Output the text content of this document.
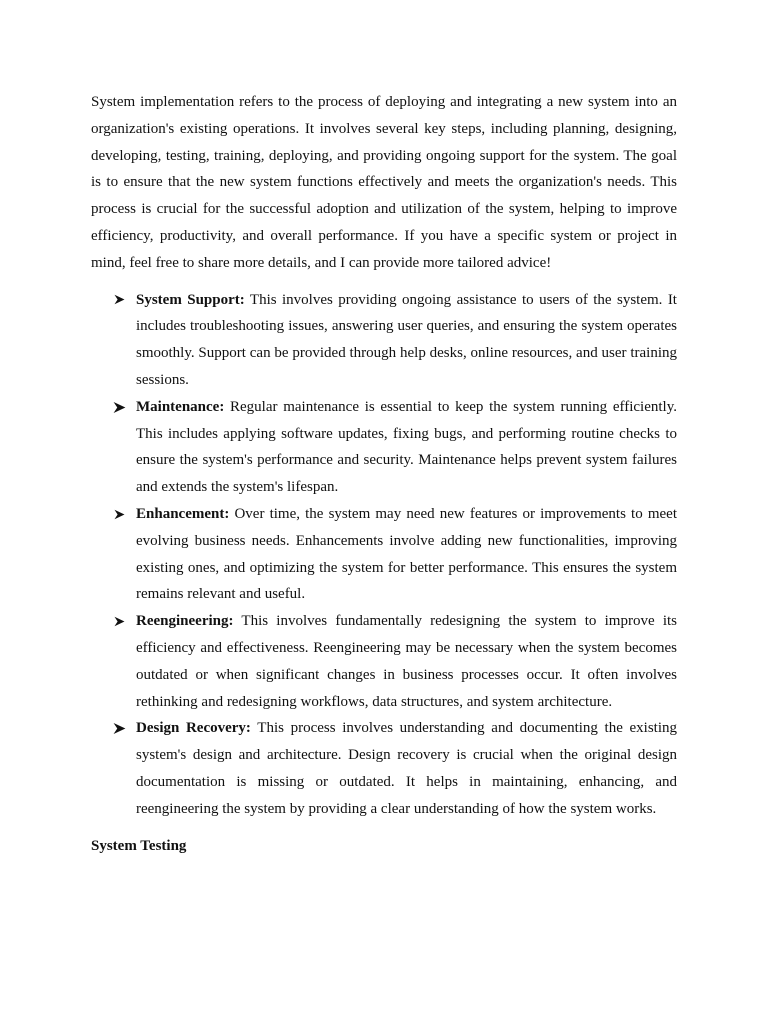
System implementation refers to the process of deploying and integrating a new system into an organization's existing operations. It involves several key steps, including planning, designing, developing, testing, training, deploying, and providing ongoing support for the system. The goal is to ensure that the new system functions effectively and meets the organization's needs. This process is crucial for the successful adoption and utilization of the system, helping to improve efficiency, productivity, and overall performance. If you have a specific system or project in mind, feel free to share more details, and I can provide more tailored advice!

System Support: This involves providing ongoing assistance to users of the system. It includes troubleshooting issues, answering user queries, and ensuring the system operates smoothly. Support can be provided through help desks, online resources, and user training sessions.
Maintenance: Regular maintenance is essential to keep the system running efficiently. This includes applying software updates, fixing bugs, and performing routine checks to ensure the system's performance and security. Maintenance helps prevent system failures and extends the system's lifespan.
Enhancement: Over time, the system may need new features or improvements to meet evolving business needs. Enhancements involve adding new functionalities, improving existing ones, and optimizing the system for better performance. This ensures the system remains relevant and useful.
Reengineering: This involves fundamentally redesigning the system to improve its efficiency and effectiveness. Reengineering may be necessary when the system becomes outdated or when significant changes in business processes occur. It often involves rethinking and redesigning workflows, data structures, and system architecture.
Design Recovery: This process involves understanding and documenting the existing system's design and architecture. Design recovery is crucial when the original design documentation is missing or outdated. It helps in maintaining, enhancing, and reengineering the system by providing a clear understanding of how the system works.

System Testing
